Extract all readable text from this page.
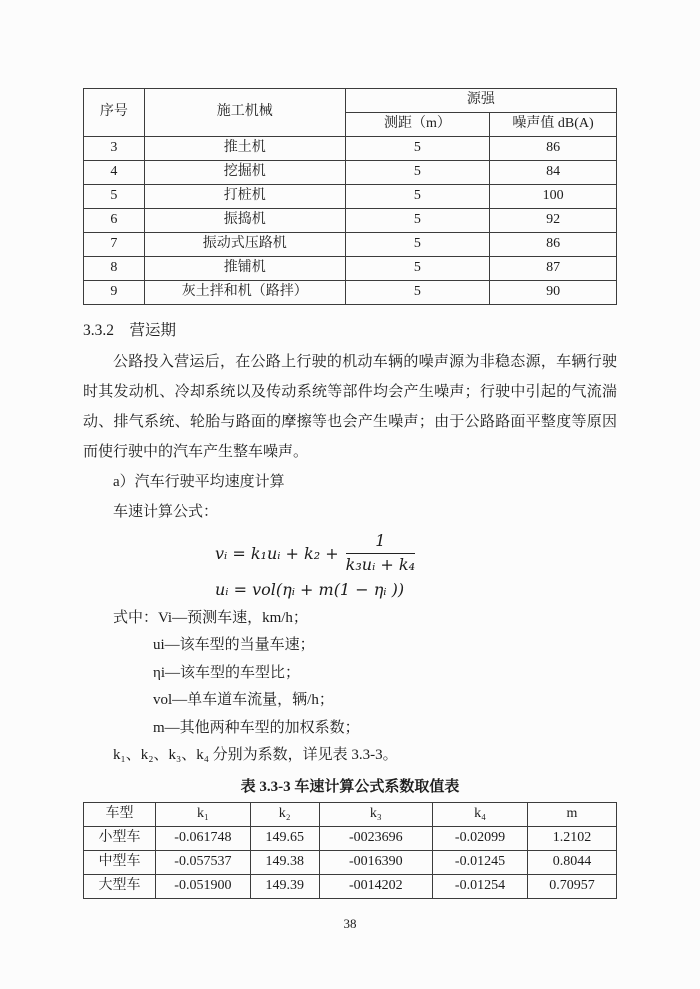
序号	施工机械	源强	
		测距（m）	噪声值 dB(A)
3	推土机	5	86
4	挖掘机	5	84
5	打桩机	5	100
6	振捣机	5	92
7	振动式压路机	5	86
8	推铺机	5	87
9	灰土拌和机（路拌）	5	90
3.3.2　营运期
公路投入营运后，在公路上行驶的机动车辆的噪声源为非稳态源，车辆行驶时其发动机、冷却系统以及传动系统等部件均会产生噪声；行驶中引起的气流湍动、排气系统、轮胎与路面的摩擦等也会产生噪声；由于公路路面平整度等原因而使行驶中的汽车产生整车噪声。
a）汽车行驶平均速度计算
车速计算公式：
vᵢ = k₁uᵢ + $k_2 + \frac{1}{\text{k₃uᵢ + k₄}}$
uᵢ = vol(ηᵢ + m(1 − ηᵢ ))
式中：Vi—预测车速，km/h；
ui—该车型的当量车速；
ηi—该车型的车型比；
vol—单车道车流量，辆/h；
m—其他两种车型的加权系数；
k₁、k₂、k₃、k₄ 分别为系数，详见表 3.3-3。
表 3.3-3 车速计算公式系数取值表
车型	k₁	k₂	k₃	k₄	m
小型车	-0.061748	149.65	-0023696	-0.02099	1.2102
中型车	-0.057537	149.38	-0016390	-0.01245	0.8044
大型车	-0.051900	149.39	-0014202	-0.01254	0.70957
38
